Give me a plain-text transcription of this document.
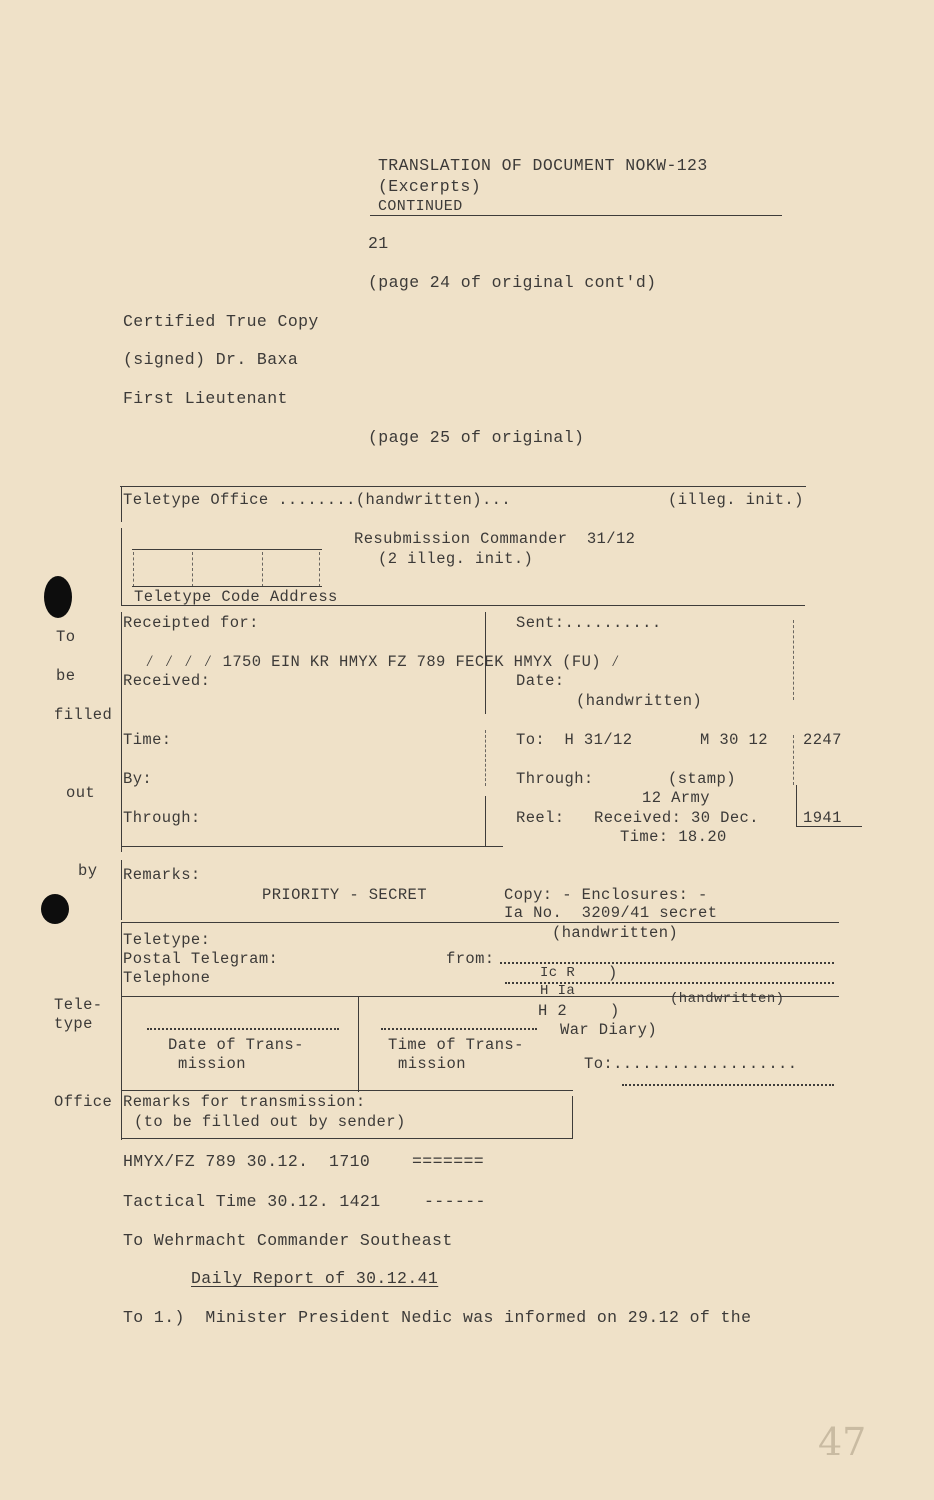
TRANSLATION OF DOCUMENT NOKW-123
(Excerpts)
CONTINUED
21
(page 24 of original cont'd)
Certified True Copy
(signed) Dr. Baxa
First Lieutenant
(page 25 of original)
Teletype Office ........(handwritten)...	(illeg. init.)
Resubmission Commander  31/12
(2 illeg. init.)
Teletype Code Address
To
be
filled
out
by
Tele-
type
Office
Receipted for:	Sent:..........
⁄ ⁄ ⁄ ⁄ 1750 EIN KR HMYX FZ 789 FECEK HMYX (FU) ⁄
Received:	Date:
(handwritten)
Time:	To:  H 31/12	M 30 12 2247
By:	Through:	(stamp)
12 Army
Through:	Reel: Received: 30 Dec.	1941
Time: 18.20
Remarks:
PRIORITY - SECRET	Copy: - Enclosures: -
Ia No.  3209/41 secret
(handwritten)
Teletype:
Postal Telegram:
Telephone
from:
Ic R
H Ia
)
(handwritten)
H 2	)
War Diary)
Date of Trans-
mission
Time of Trans-
mission	To:...................
Remarks for transmission:
(to be filled out by sender)
HMYX/FZ 789 30.12.  1710	=======
Tactical Time 30.12. 1421	------
To Wehrmacht Commander Southeast
Daily Report of 30.12.41
To 1.)  Minister President Nedic was informed on 29.12 of the
47
